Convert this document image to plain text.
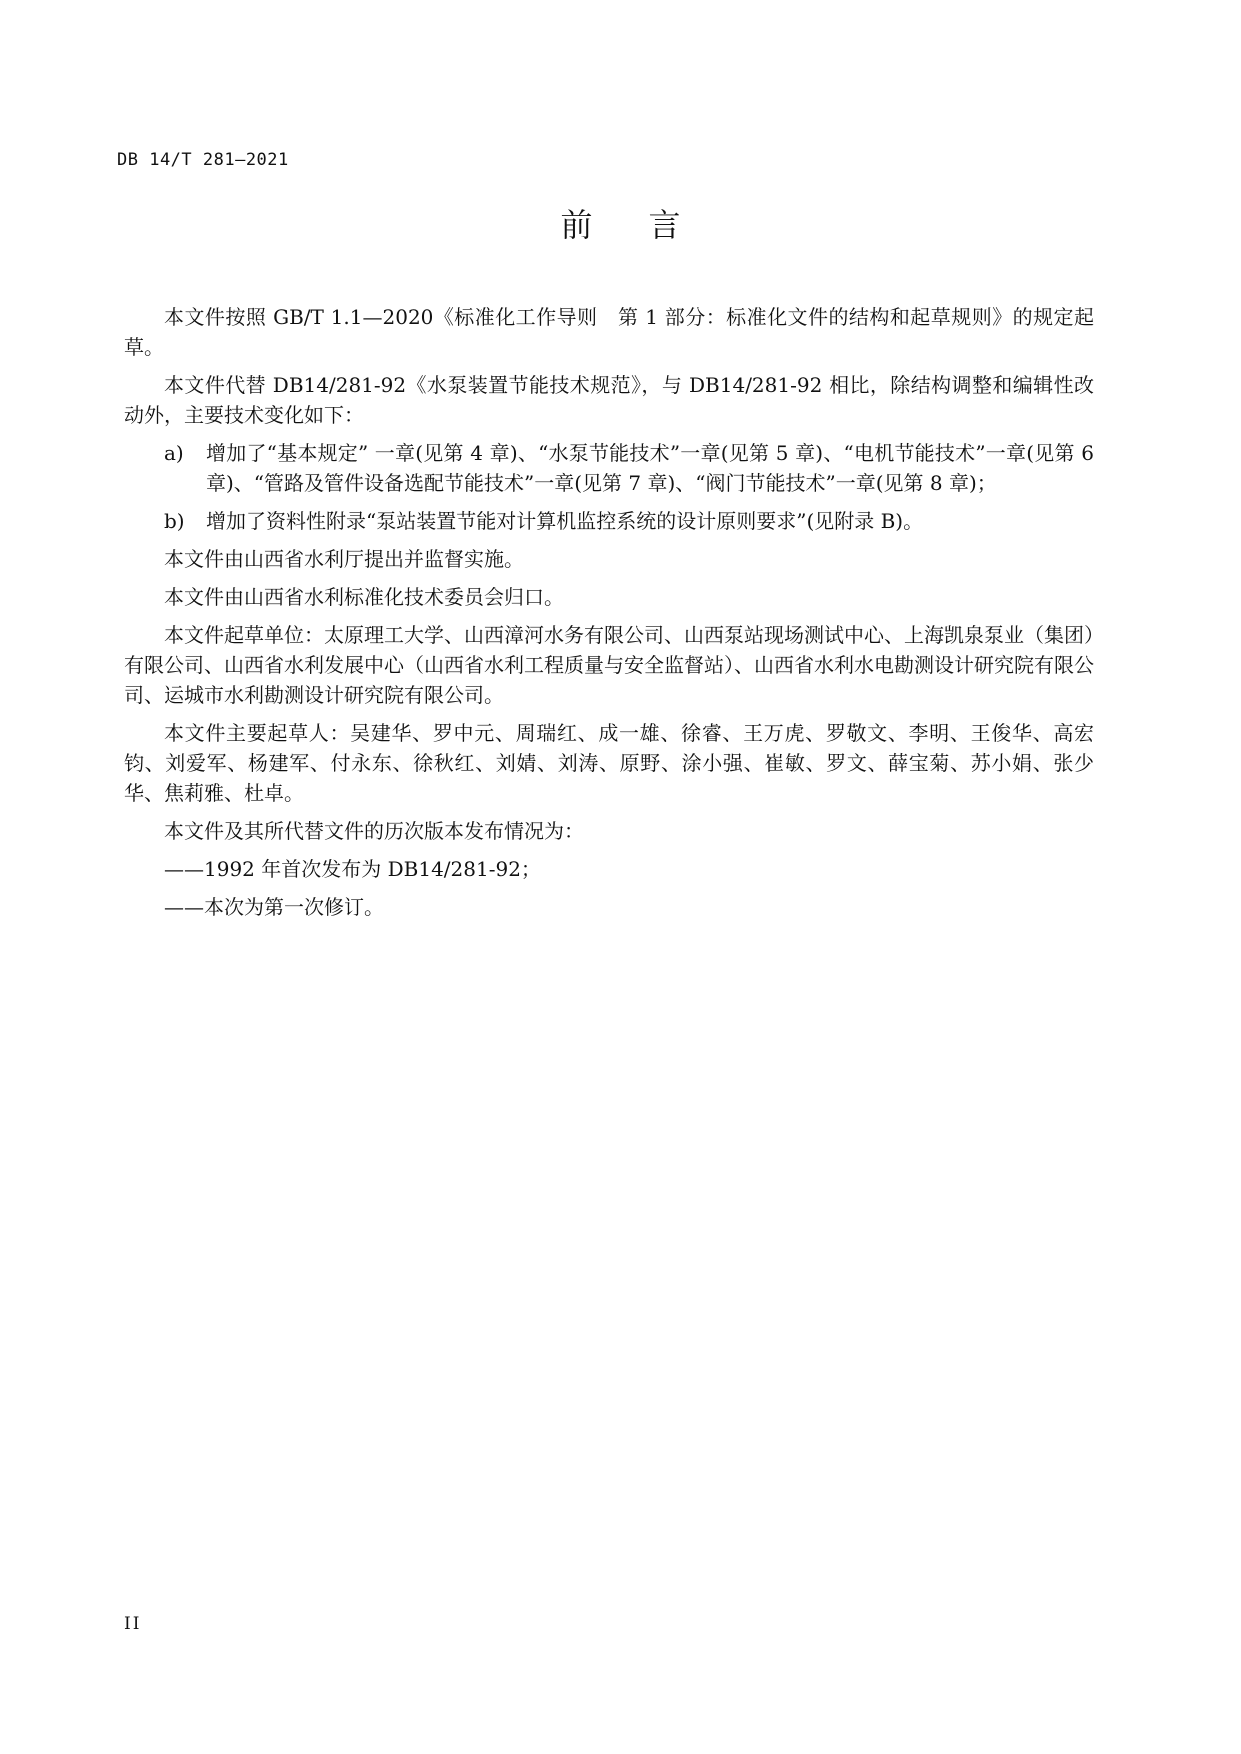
DB 14/T 281—2021
前言

本文件按照 GB/T 1.1—2020《标准化工作导则　第 1 部分：标准化文件的结构和起草规则》的规定起草。

本文件代替 DB14/281-92《水泵装置节能技术规范》，与 DB14/281-92 相比，除结构调整和编辑性改动外，主要技术变化如下：

a)	增加了“基本规定” 一章(见第 4 章)、“水泵节能技术”一章(见第 5 章)、“电机节能技术”一章(见第 6 章)、“管路及管件设备选配节能技术”一章(见第 7 章)、“阀门节能技术”一章(见第 8 章)；
b)	增加了资料性附录“泵站装置节能对计算机监控系统的设计原则要求”(见附录 B)。

本文件由山西省水利厅提出并监督实施。

本文件由山西省水利标准化技术委员会归口。

本文件起草单位：太原理工大学、山西漳河水务有限公司、山西泵站现场测试中心、上海凯泉泵业（集团）有限公司、山西省水利发展中心（山西省水利工程质量与安全监督站）、山西省水利水电勘测设计研究院有限公司、运城市水利勘测设计研究院有限公司。

本文件主要起草人：吴建华、罗中元、周瑞红、成一雄、徐睿、王万虎、罗敬文、李明、王俊华、高宏钧、刘爱军、杨建军、付永东、徐秋红、刘婧、刘涛、原野、涂小强、崔敏、罗文、薛宝菊、苏小娟、张少华、焦莉雅、杜卓。

本文件及其所代替文件的历次版本发布情况为：

——1992 年首次发布为 DB14/281-92；

——本次为第一次修订。

II
